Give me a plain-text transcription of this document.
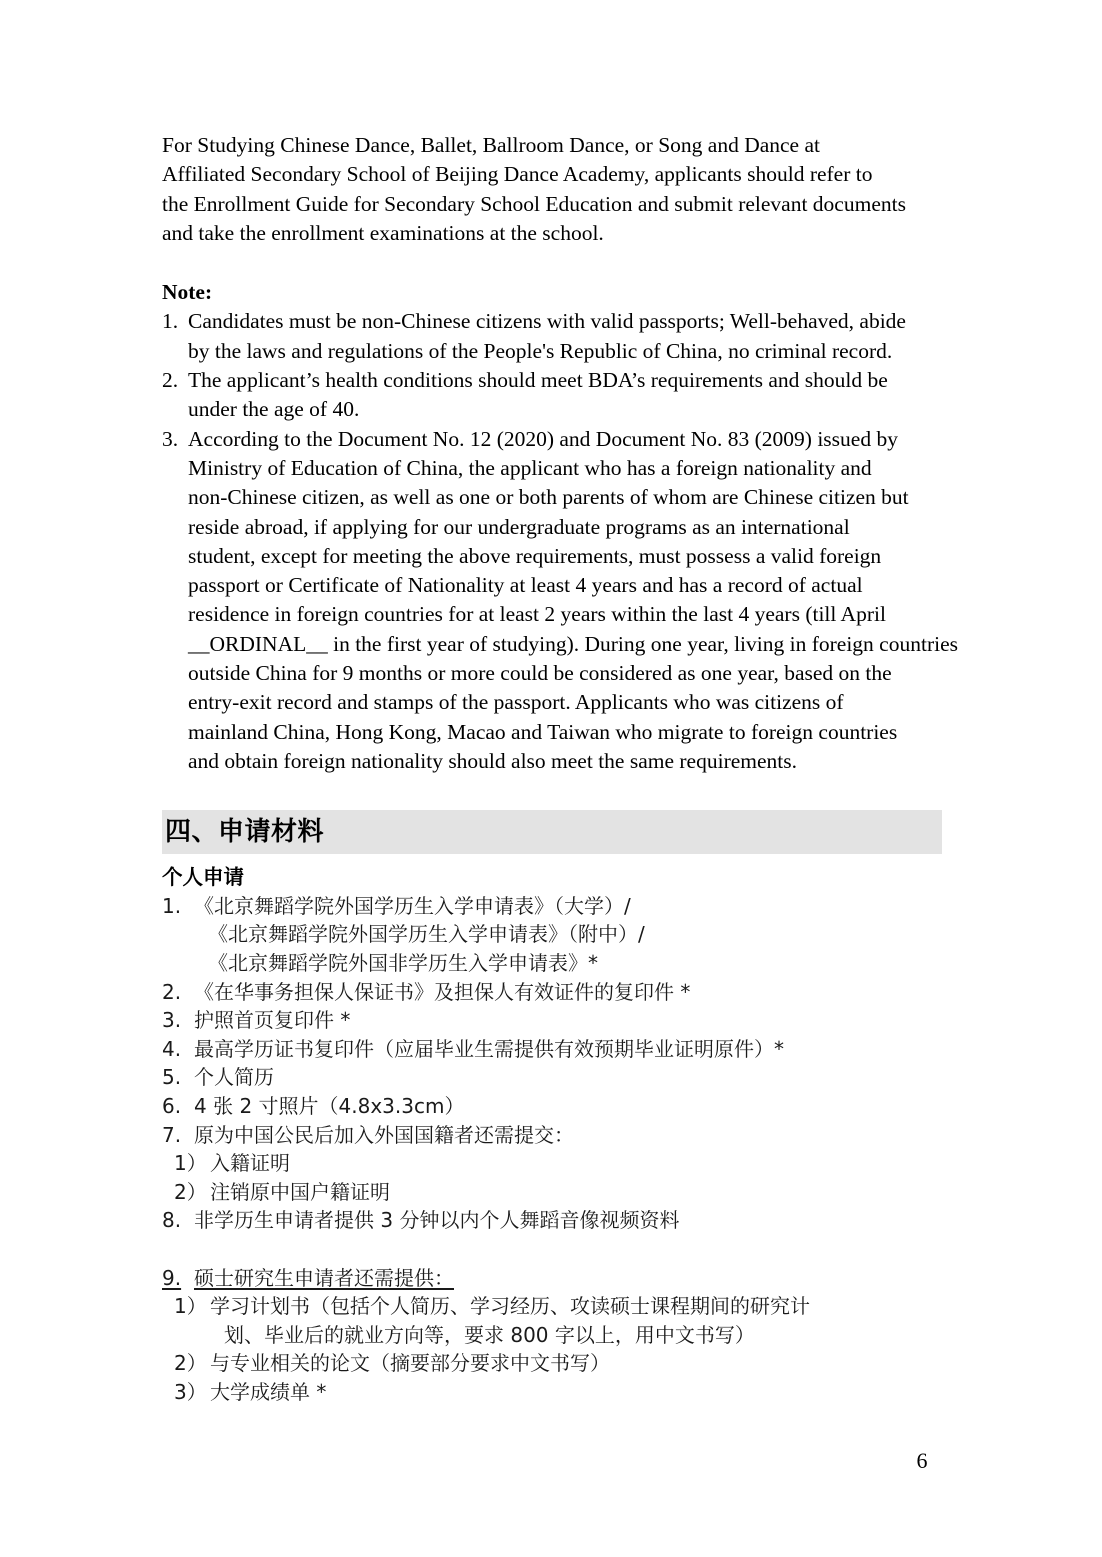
For Studying Chinese Dance, Ballet, Ballroom Dance, or Song and Dance at
Affiliated Secondary School of Beijing Dance Academy, applicants should refer to
the Enrollment Guide for Secondary School Education and submit relevant documents
and take the enrollment examinations at the school.

Note:

1. Candidates must be non-Chinese citizens with valid passports; Well-behaved, abide
by the laws and regulations of the People's Republic of China, no criminal record.
2. The applicant’s health conditions should meet BDA’s requirements and should be
under the age of 40.
3. According to the Document No. 12 (2020) and Document No. 83 (2009) issued by
Ministry of Education of China, the applicant who has a foreign nationality and
non-Chinese citizen, as well as one or both parents of whom are Chinese citizen but
reside abroad, if applying for our undergraduate programs as an international
student, except for meeting the above requirements, must possess a valid foreign
passport or Certificate of Nationality at least 4 years and has a record of actual
residence in foreign countries for at least 2 years within the last 4 years (till April
__ORDINAL__ in the first year of studying). During one year, living in foreign countries
outside China for 9 months or more could be considered as one year, based on the
entry-exit record and stamps of the passport. Applicants who was citizens of
mainland China, Hong Kong, Macao and Taiwan who migrate to foreign countries
and obtain foreign nationality should also meet the same requirements.
四、申请材料
个人申请
1. 《北京舞蹈学院外国学历生入学申请表》（大学）/
《北京舞蹈学院外国学历生入学申请表》（附中）/
《北京舞蹈学院外国非学历生入学申请表》*
2. 《在华事务担保人保证书》及担保人有效证件的复印件 *
3. 护照首页复印件 *
4. 最高学历证书复印件（应届毕业生需提供有效预期毕业证明原件）*
5. 个人简历
6. 4 张 2 寸照片（4.8x3.3cm）
7. 原为中国公民后加入外国国籍者还需提交：
1） 入籍证明
2） 注销原中国户籍证明
8. 非学历生申请者提供 3 分钟以内个人舞蹈音像视频资料
9. 硕士研究生申请者还需提供：
1） 学习计划书（包括个人简历、学习经历、攻读硕士课程期间的研究计
划、毕业后的就业方向等，要求 800 字以上，用中文书写）
2） 与专业相关的论文（摘要部分要求中文书写）
3） 大学成绩单 *
6
